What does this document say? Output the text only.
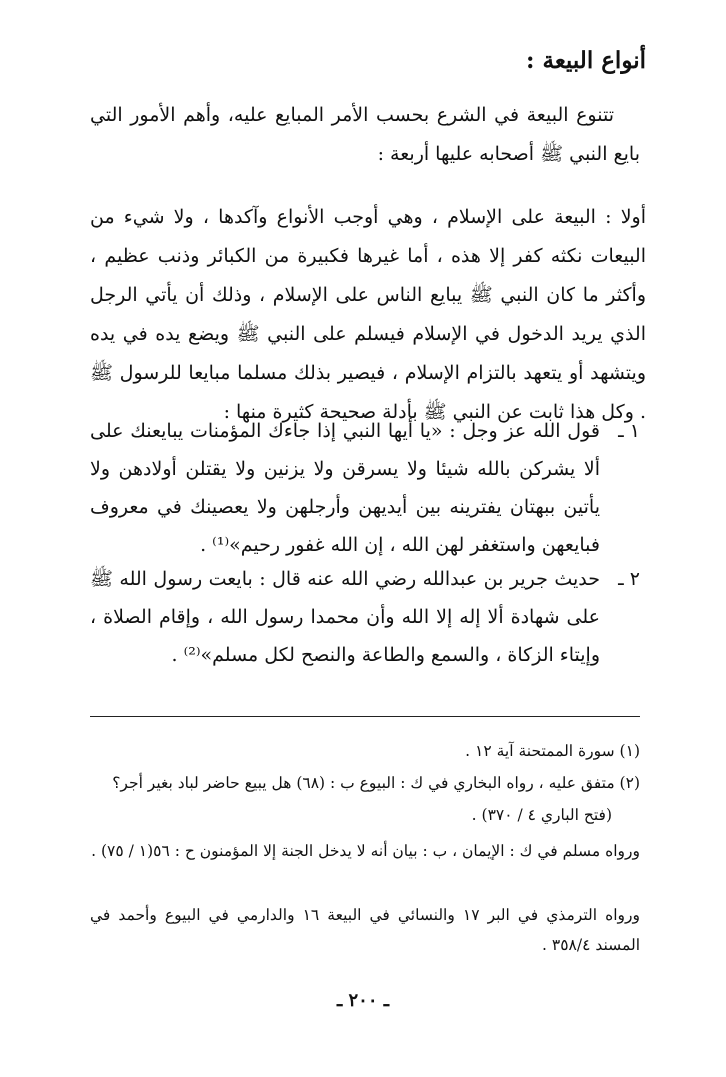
أنواع البيعة :
تتنوع البيعة في الشرع بحسب الأمر المبايع عليه، وأهم الأمور التي بايع النبي ﷺ أصحابه عليها أربعة :
أولا : البيعة على الإسلام ، وهي أوجب الأنواع وآكدها ، ولا شيء من البيعات نكثه كفر إلا هذه ، أما غيرها فكبيرة من الكبائر وذنب عظيم ، وأكثر ما كان النبي ﷺ يبايع الناس على الإسلام ، وذلك أن يأتي الرجل الذي يريد الدخول في الإسلام فيسلم على النبي ﷺ ويضع يده في يده ويتشهد أو يتعهد بالتزام الإسلام ، فيصير بذلك مسلما مبايعا للرسول ﷺ . وكل هذا ثابت عن النبي ﷺ بأدلة صحيحة كثيرة منها :
١ ـ
قول الله عز وجل : «يا أيها النبي إذا جاءك المؤمنات يبايعنك على ألا يشركن بالله شيئا ولا يسرقن ولا يزنين ولا يقتلن أولادهن ولا يأتين ببهتان يفترينه بين أيديهن وأرجلهن ولا يعصينك في معروف فبايعهن واستغفر لهن الله ، إن الله غفور رحيم»⁽¹⁾ .
٢ ـ
حديث جرير بن عبدالله رضي الله عنه قال : بايعت رسول الله ﷺ على شهادة ألا إله إلا الله وأن محمدا رسول الله ، وإقام الصلاة ، وإيتاء الزكاة ، والسمع والطاعة والنصح لكل مسلم»⁽²⁾ .
(١) سورة الممتحنة آية ١٢ .
(٢) متفق عليه ، رواه البخاري في ك : البيوع ب : (٦٨) هل يبيع حاضر لباد بغير أجر؟
(فتح الباري ٤ / ٣٧٠) .
ورواه مسلم في ك : الإيمان ، ب : بيان أنه لا يدخل الجنة إلا المؤمنون ح : ٥٦(١ / ٧٥) .
ورواه الترمذي في البر ١٧ والنسائي في البيعة ١٦ والدارمي في البيوع وأحمد في المسند ٣٥٨/٤ .
ـ ٢٠٠ ـ
